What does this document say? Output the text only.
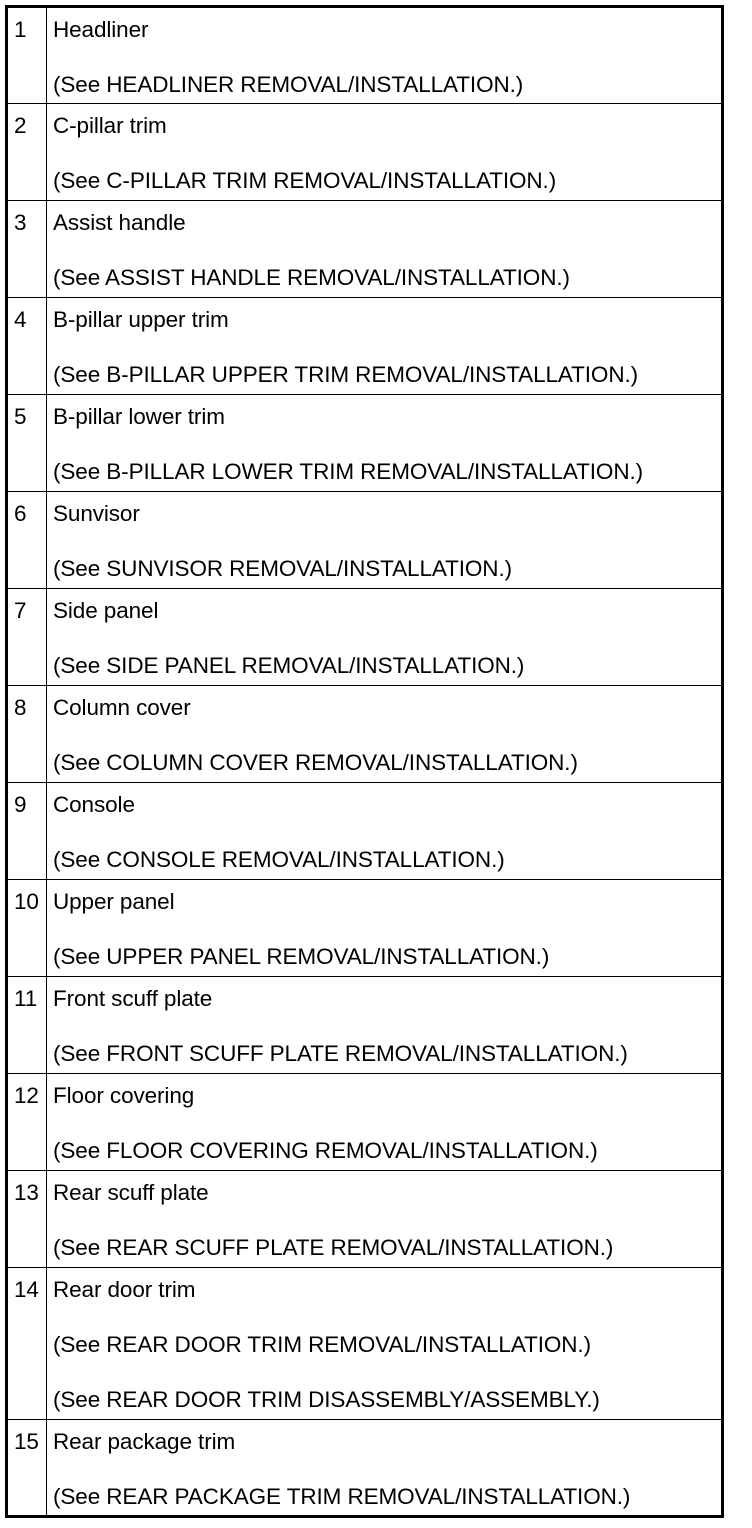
1	Headliner
(See HEADLINER REMOVAL/INSTALLATION.)

2	C-pillar trim
(See C-PILLAR TRIM REMOVAL/INSTALLATION.)

3	Assist handle
(See ASSIST HANDLE REMOVAL/INSTALLATION.)

4	B-pillar upper trim
(See B-PILLAR UPPER TRIM REMOVAL/INSTALLATION.)

5	B-pillar lower trim
(See B-PILLAR LOWER TRIM REMOVAL/INSTALLATION.)

6	Sunvisor
(See SUNVISOR REMOVAL/INSTALLATION.)

7	Side panel
(See SIDE PANEL REMOVAL/INSTALLATION.)

8	Column cover
(See COLUMN COVER REMOVAL/INSTALLATION.)

9	Console
(See CONSOLE REMOVAL/INSTALLATION.)

10	Upper panel
(See UPPER PANEL REMOVAL/INSTALLATION.)

11	Front scuff plate
(See FRONT SCUFF PLATE REMOVAL/INSTALLATION.)

12	Floor covering
(See FLOOR COVERING REMOVAL/INSTALLATION.)

13	Rear scuff plate
(See REAR SCUFF PLATE REMOVAL/INSTALLATION.)

14	Rear door trim
(See REAR DOOR TRIM REMOVAL/INSTALLATION.)
(See REAR DOOR TRIM DISASSEMBLY/ASSEMBLY.)

15	Rear package trim
(See REAR PACKAGE TRIM REMOVAL/INSTALLATION.)
